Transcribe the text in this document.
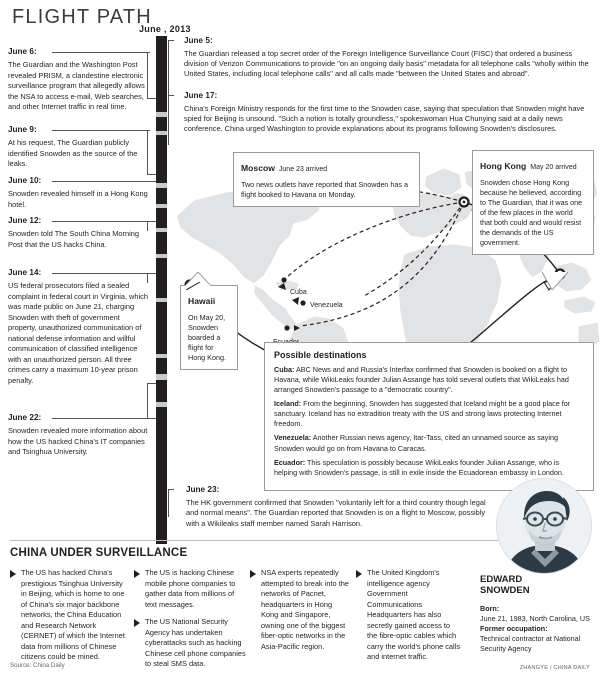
FLIGHT PATH
June , 2013
June 6:
The Guardian and the Washington Post revealed PRISM, a clandestine electronic surveillance program that allegedly allows the NSA to access e-mail, Web searches, and other Internet traffic in real time.
June 9:
At his request, The Guardian publicly identified Snowden as the source of the leaks.
June 10:
Snowden revealed himself in a Hong Kong hotel.
June 12:
Snowden told The South China Morning Post that the US hacks China.
June 14:
US federal prosecutors filed a sealed complaint in federal court in Virginia, which was made public on June 21, charging Snowden with theft of government property, unauthorized communication of national defense information and willful communication of classified intelligence with an unauthorized person. All three crimes carry a maximum 10-year prison penalty.
June 22:
Snowden revealed more information about how the US hacked China's IT companies and Tsinghua University.
June 5:
The Guardian released a top secret order of the Foreign Intelligence Surveillance Court (FISC) that ordered a business division of Verizon Communications to provide "on an ongoing daily basis" metadata for all telephone calls "wholly within the United States, including local telephone calls" and all calls made "between the United States and abroad".
June 17:
China's Foreign Ministry responds for the first time to the Snowden case, saying that speculation that Snowden might have spied for Beijing is unsound. "Such a notion is totally groundless," spokeswoman Hua Chunying said at a daily news conference. China urged Washington to provide explanations about its programs following Snowden's disclosures.
Cuba
Venezuela
Moscow June 23 arrived
Two news outlets have reported that Snowden has a flight booked to Havana on Monday.
Hong Kong May 20 arrived
Snowden chose Hong Kong because he believed, according to The Guardian, that it was one of the few places in the world that both could and would resist the demands of the US government.
Hawaii
On May 20, Snowden boarded a flight for Hong Kong.	Possible destinations
Cuba: ABC News and and Russia's Interfax confirmed that Snowden is booked on a flight to Havana, while WikiLeaks founder Julian Assange has told several outlets that WikiLeaks had arranged Snowden's passage to a "democratic country".
Iceland: From the beginning, Snowden has suggested that Iceland might be a good place for sanctuary. Iceland has no extradition treaty with the US and strong laws protecting Internet freedom.
Venezuela: Another Russian news agency, Itar-Tass, cited an unnamed source as saying Snowden would go on from Havana to Caracas.
Ecuador: This speculation is possibly because WikiLeaks founder Julian Assange, who is helping with Snowden's passage, is still in exile inside the Ecuadorean embassy in London.
June 23:
The HK government confirmed that Snowden "voluntarily left for a third country though legal and normal means". The Guardian reported that Snowden is on a flight to Moscow, possibly with a Wikileaks staff member named Sarah Harrison.
CHINA UNDER SURVEILLANCE
The US has hacked China's prestigious Tsinghua University in Beijing, which is home to one of China's six major backbone networks, the China Education and Research Network (CERNET) of which the Internet data from millions of Chinese citizens could be mined.
The US is hacking Chinese mobile phone companies to gather data from millions of text messages.
The US National Security Agency has undertaken cyberattacks such as hacking Chinese cell phone companies to steal SMS data.
NSA experts repeatedly attempted to break into the networks of Pacnet, headquarters in Hong Kong and Singapore, owning one of the biggest fiber-optic networks in the Asia-Pacific region.
The United Kingdom's intelligence agency Government Communications Headquarters has also secretly gained access to the fibre-optic cables which carry the world's phone calls and internet traffic.
EDWARD
SNOWDEN
Born:
June 21, 1983, North Carolina, US
Former occupation:
Technical contractor at National Security Agency
Source: China Daily	ZHANGYE / CHINA DAILY
